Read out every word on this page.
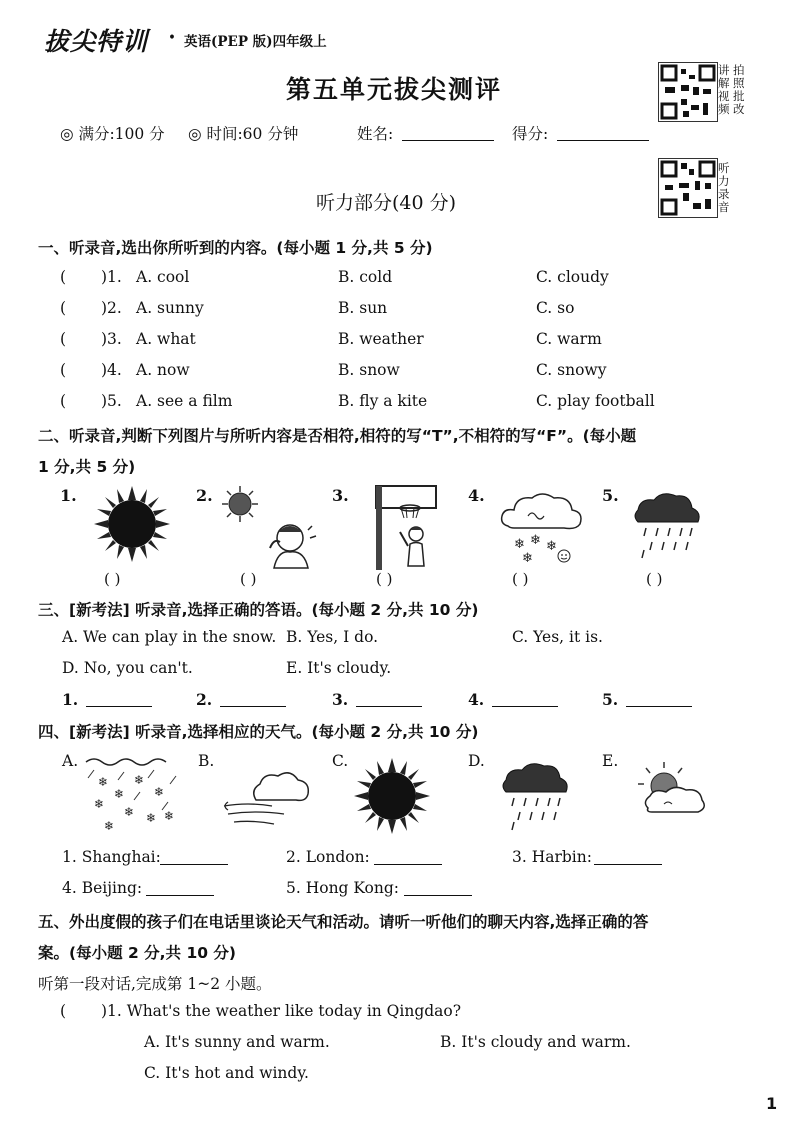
拔尖特训 • 英语(PEP 版)四年级上
第五单元拔尖测评
讲解视频
拍照批改
听力录音
◎ 满分:100 分 ◎ 时间:60 分钟	姓名:	得分:
听力部分(40 分)
一、听录音,选出你所听到的内容。(每小题 1 分,共 5 分)
( )1. A. cool	B. cold	C. cloudy
( )2. A. sunny	B. sun	C. so
( )3. A. what	B. weather	C. warm
( )4. A. now	B. snow	C. snowy
( )5. A. see a film	B. fly a kite	C. play football
二、听录音,判断下列图片与所听内容是否相符,相符的写“T”,不相符的写“F”。(每小题
1 分,共 5 分)
1.	2.	3.	4.	5.
( )	( )	( )
❄ ❄ ❄
❄
( )	( )
三、[新考法] 听录音,选择正确的答语。(每小题 2 分,共 10 分)
A. We can play in the snow. B. Yes, I do.	C. Yes, it is.
D. No, you can't.	E. It's cloudy.
1.	2.	3.	4.	5.
四、[新考法] 听录音,选择相应的天气。(每小题 2 分,共 10 分)
A.	B.	C.	D.	E.
❄
❄
❄
❄
❄
❄ ❄
❄
❄
1. Shanghai:	2. London:	3. Harbin:
4. Beijing:	5. Hong Kong:
五、外出度假的孩子们在电话里谈论天气和活动。请听一听他们的聊天内容,选择正确的答
案。(每小题 2 分,共 10 分)
听第一段对话,完成第 1~2 小题。
( )1. What's the weather like today in Qingdao?
A. It's sunny and warm.	B. It's cloudy and warm.
C. It's hot and windy.
1
